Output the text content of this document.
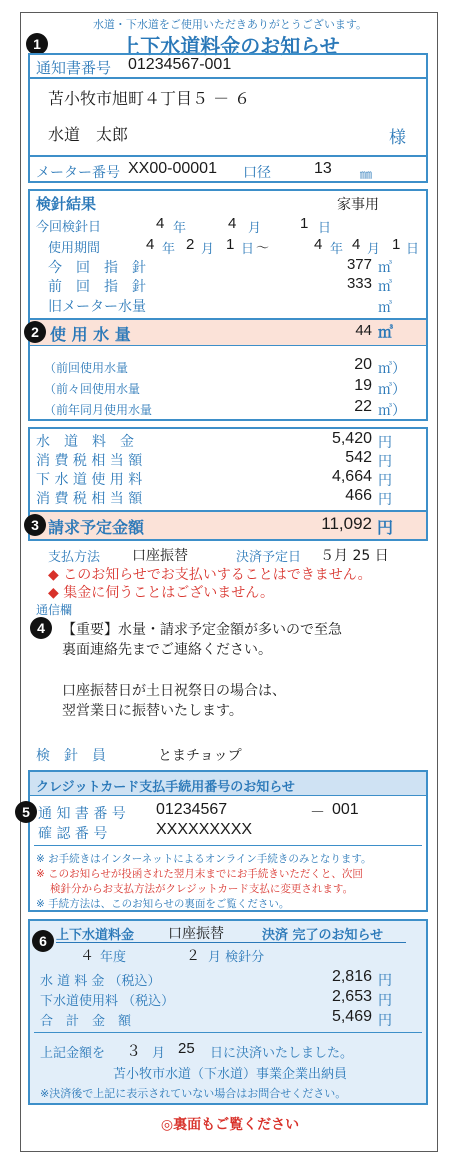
水道・下水道をご使用いただきありがとうございます。
1	上下水道料金のお知らせ
通知書番号 01234567-001
苫小牧市旭町４丁目５ － ６
水道　太郎	様
メーター番号 XX00-00001 口径	13 ㎜
検針結果	家事用
今回検針日	4 年	4 月	1 日
使用期間	4 年 2 月 1 日 ～	4 年 4 月 1 日
今　回　指　針	377 ㎥
前　回　指　針	333 ㎥
旧メーター水量	㎥
2 使 用 水 量	44 ㎥
（前回使用水量	20 ㎥）
（前々回使用水量	19 ㎥）
（前年同月使用水量	22 ㎥）
水　道　料　金	5,420 円
消 費 税 相 当 額	542 円
下 水 道 使 用 料	4,664 円
消 費 税 相 当 額	466 円
3 請求予定金額	11,092 円
支払方法 口座振替	決済予定日 ５月 25 日
◆ このお知らせでお支払いすることはできません。
◆ 集金に伺うことはございません。
通信欄
4	【重要】水量・請求予定金額が多いので至急
裏面連絡先までご連絡ください。
口座振替日が土日祝祭日の場合は、
翌営業日に振替いたします。
検　針　員	とまチョップ
クレジットカード支払手続用番号のお知らせ
5 通 知 書 番 号 01234567	－ 001
確 認 番 号	XXXXXXXXX
※ お手続きはインターネットによるオンライン手続きのみとなります。
※ このお知らせが投函された翌月末までにお手続きいただくと、次回
検針分からお支払方法がクレジットカード支払に変更されます。
※ 手続方法は、このお知らせの裏面をご覧ください。
6 上下水道料金 口座振替	決済 完了のお知らせ
４ 年度	２ 月 検針分
水 道 料 金 （税込）	2,816 円
下水道使用料 （税込）	2,653 円
合　計　金　額	5,469 円
上記金額を ３ 月 25 日に決済いたしました。
苫小牧市水道（下水道）事業企業出納員
※決済後で上記に表示されていない場合はお問合せください。
◎裏面もご覧ください
